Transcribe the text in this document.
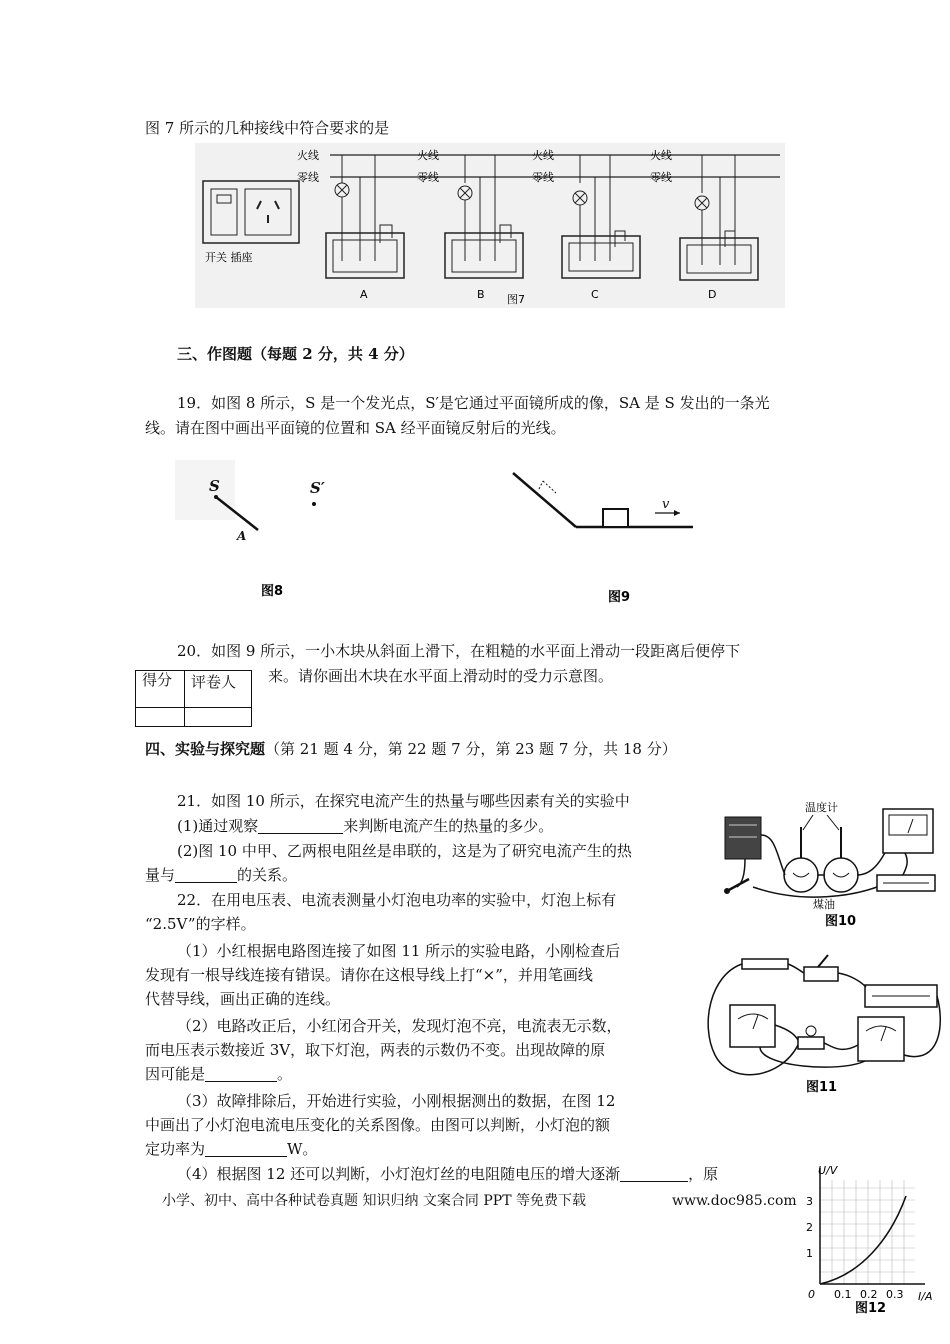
图 7 所示的几种接线中符合要求的是
火线
零线
火线
零线
火线
零线
火线
零线
开关 插座
A	B	C	D
图7
三、作图题（每题 2 分，共 4 分）
19．如图 8 所示，S 是一个发光点，S′是它通过平面镜所成的像，SA 是 S 发出的一条光
线。请在图中画出平面镜的位置和 SA 经平面镜反射后的光线。
S
A
S′
图8
v
图9
20．如图 9 所示，一小木块从斜面上滑下，在粗糙的水平面上滑动一段距离后便停下
来。请你画出木块在水平面上滑动时的受力示意图。
得分	评卷人

四、实验与探究题（第 21 题 4 分，第 22 题 7 分，第 23 题 7 分，共 18 分）
21．如图 10 所示，在探究电流产生的热量与哪些因素有关的实验中
(1)通过观察	来判断电流产生的热量的多少。
(2)图 10 中甲、乙两根电阻丝是串联的，这是为了研究电流产生的热
量与	的关系。
22．在用电压表、电流表测量小灯泡电功率的实验中，灯泡上标有
“2.5V”的字样。
（1）小红根据电路图连接了如图 11 所示的实验电路，小刚检查后
发现有一根导线连接有错误。请你在这根导线上打“×”，并用笔画线
代替导线，画出正确的连线。
（2）电路改正后，小红闭合开关，发现灯泡不亮，电流表无示数，
而电压表示数接近 3V，取下灯泡，两表的示数仍不变。出现故障的原
因可能是	。
（3）故障排除后，开始进行实验，小刚根据测出的数据，在图 12
中画出了小灯泡电流电压变化的关系图像。由图可以判断，小灯泡的额
定功率为	W。
（4）根据图 12 还可以判断，小灯泡灯丝的电阻随电压的增大逐渐	，原
温度计
煤油
图10
图11
U/V
I/A
1
2
3
0 0.1 0.2 0.3
图12
小学、初中、高中各种试卷真题 知识归纳 文案合同 PPT 等免费下载	www.doc985.com
